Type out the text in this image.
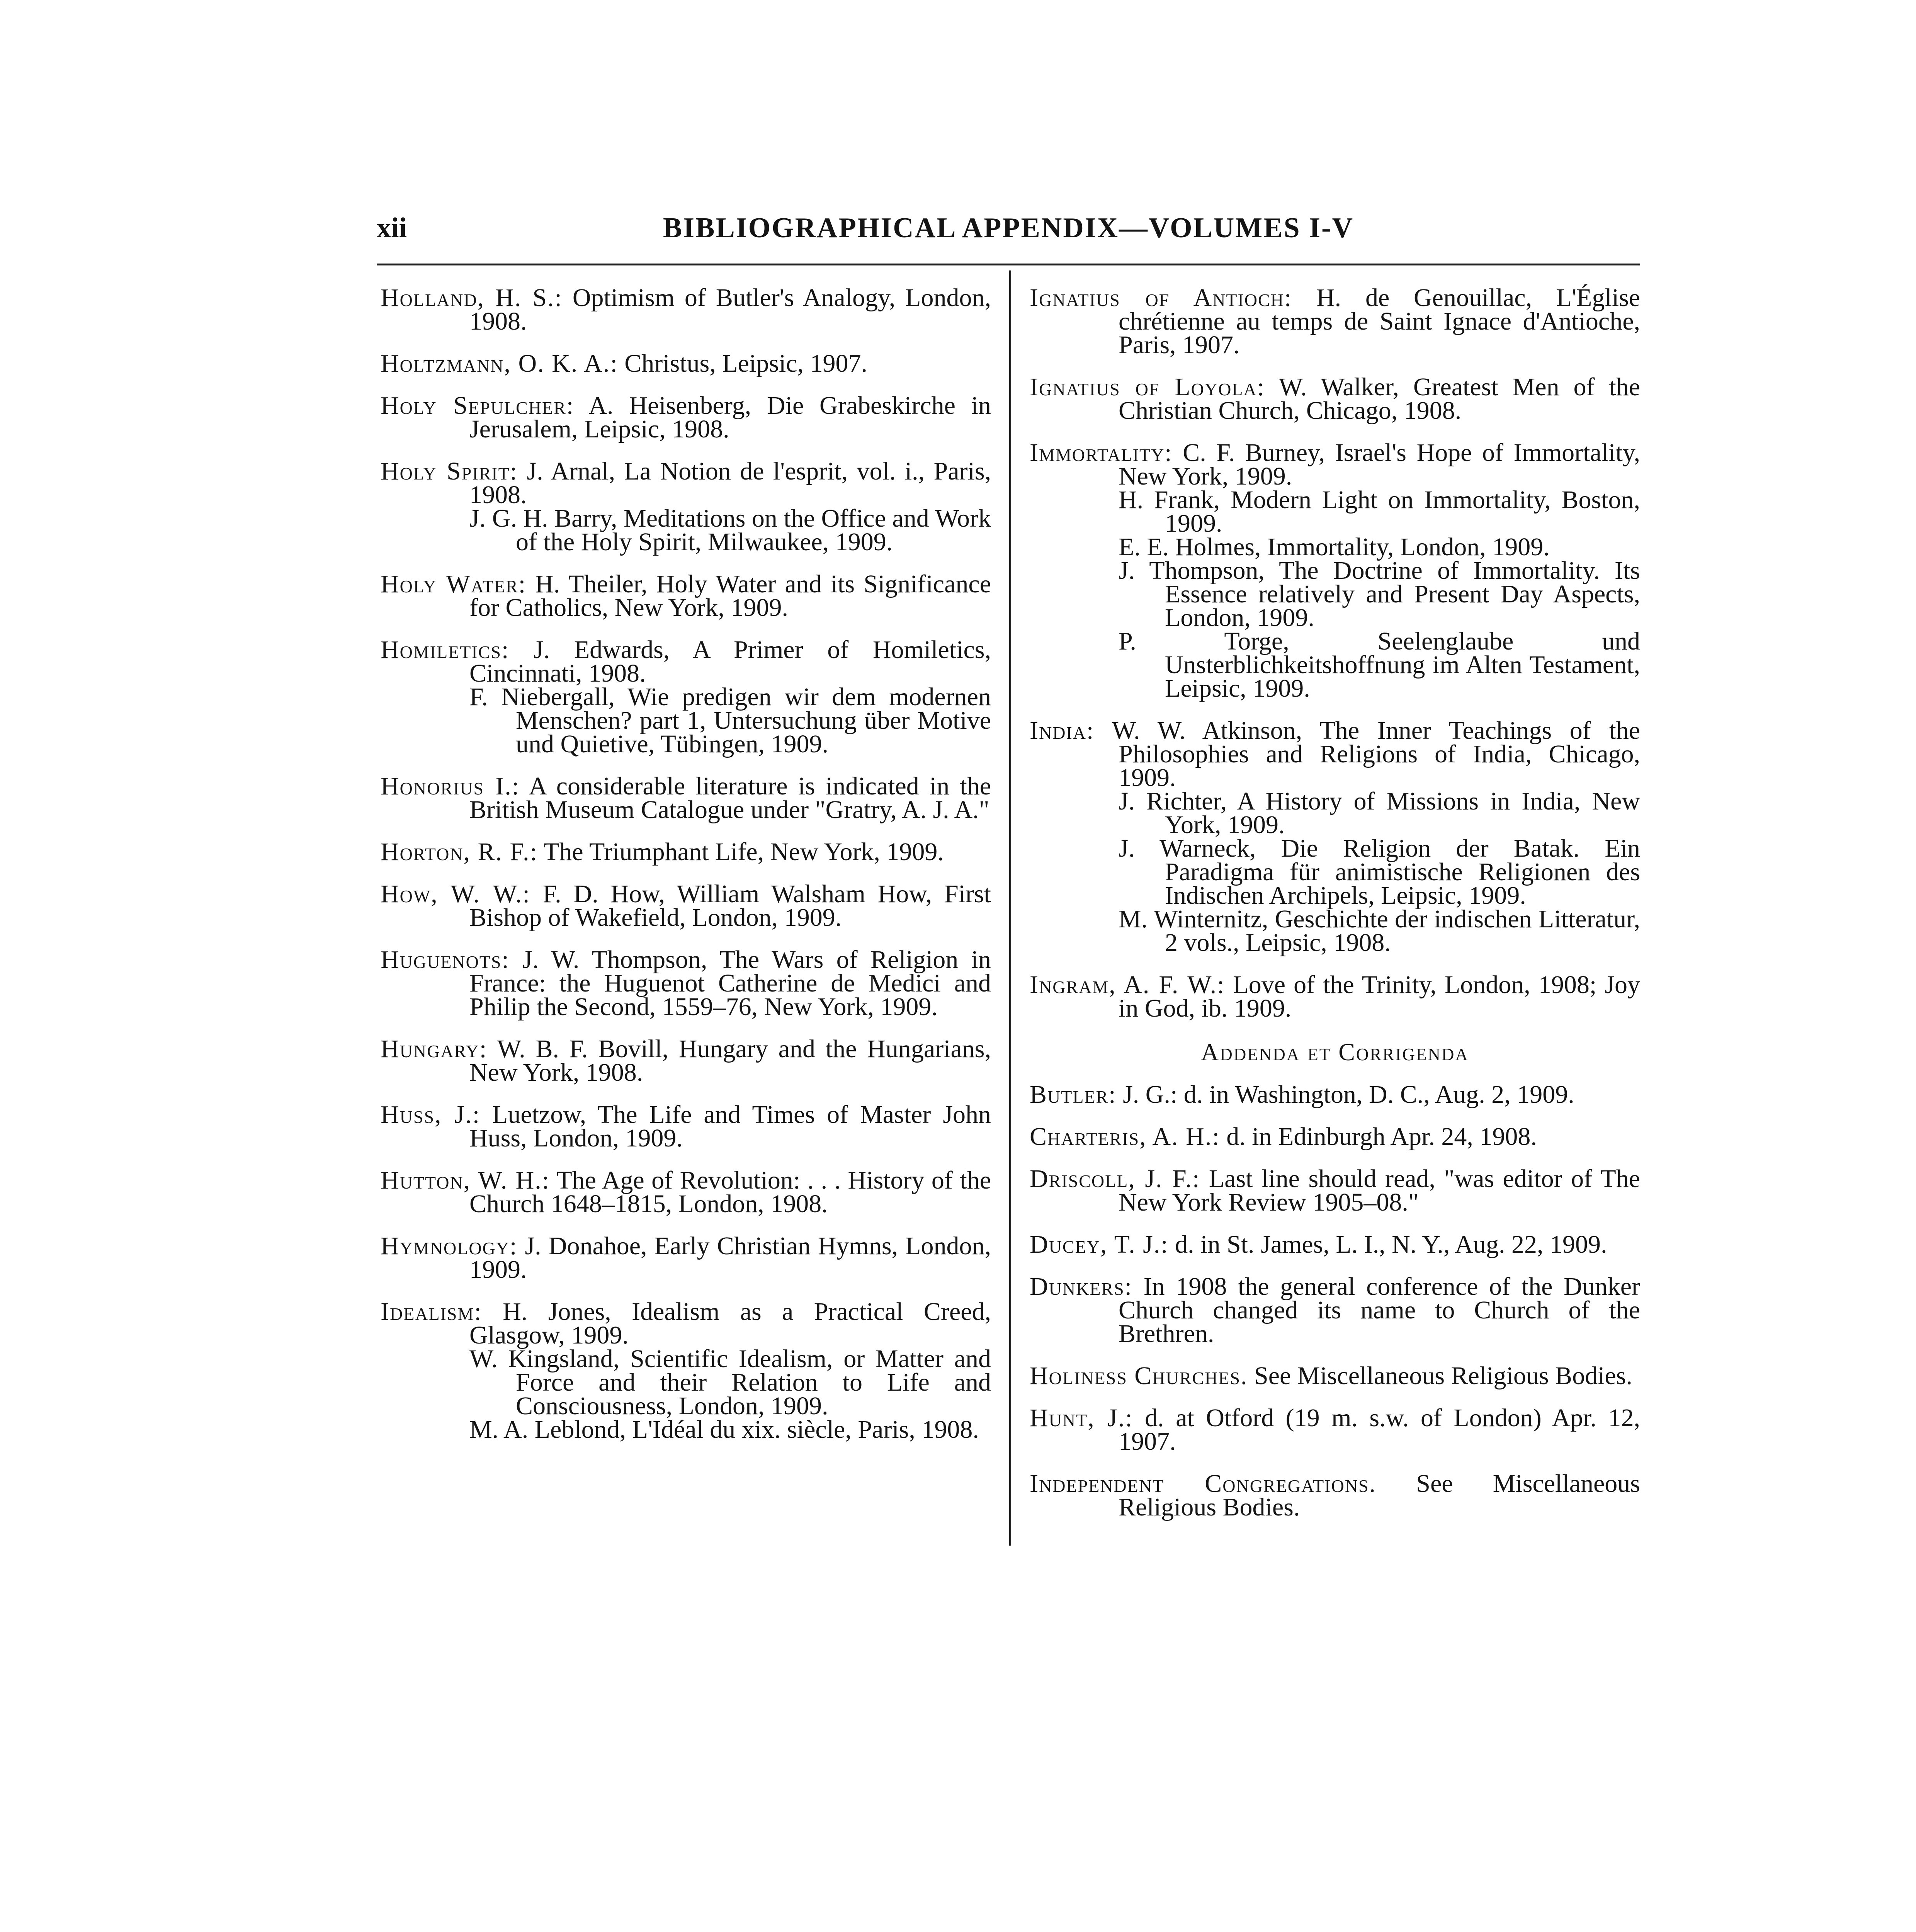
xii	BIBLIOGRAPHICAL APPENDIX—VOLUMES I-V

Holland, H. S.: Optimism of Butler's Analogy, London, 1908.

Holtzmann, O. K. A.: Christus, Leipsic, 1907.

Holy Sepulcher: A. Heisenberg, Die Grabeskirche in Jerusalem, Leipsic, 1908.

Holy Spirit: J. Arnal, La Notion de l'esprit, vol. i., Paris, 1908.
J. G. H. Barry, Meditations on the Office and Work of the Holy Spirit, Milwaukee, 1909.

Holy Water: H. Theiler, Holy Water and its Significance for Catholics, New York, 1909.

Homiletics: J. Edwards, A Primer of Homiletics, Cincinnati, 1908.
F. Niebergall, Wie predigen wir dem modernen Menschen? part 1, Untersuchung über Motive und Quietive, Tübingen, 1909.

Honorius I.: A considerable literature is indicated in the British Museum Catalogue under "Gratry, A. J. A."

Horton, R. F.: The Triumphant Life, New York, 1909.

How, W. W.: F. D. How, William Walsham How, First Bishop of Wakefield, London, 1909.

Huguenots: J. W. Thompson, The Wars of Religion in France: the Huguenot Catherine de Medici and Philip the Second, 1559–76, New York, 1909.

Hungary: W. B. F. Bovill, Hungary and the Hungarians, New York, 1908.

Huss, J.: Luetzow, The Life and Times of Master John Huss, London, 1909.

Hutton, W. H.: The Age of Revolution: . . . History of the Church 1648–1815, London, 1908.

Hymnology: J. Donahoe, Early Christian Hymns, London, 1909.

Idealism: H. Jones, Idealism as a Practical Creed, Glasgow, 1909.
W. Kingsland, Scientific Idealism, or Matter and Force and their Relation to Life and Consciousness, London, 1909.
M. A. Leblond, L'Idéal du xix. siècle, Paris, 1908.

Ignatius of Antioch: H. de Genouillac, L'Église chrétienne au temps de Saint Ignace d'Antioche, Paris, 1907.

Ignatius of Loyola: W. Walker, Greatest Men of the Christian Church, Chicago, 1908.

Immortality: C. F. Burney, Israel's Hope of Immortality, New York, 1909.
H. Frank, Modern Light on Immortality, Boston, 1909.
E. E. Holmes, Immortality, London, 1909.
J. Thompson, The Doctrine of Immortality. Its Essence relatively and Present Day Aspects, London, 1909.
P. Torge, Seelenglaube und Unsterblichkeitshoffnung im Alten Testament, Leipsic, 1909.

India: W. W. Atkinson, The Inner Teachings of the Philosophies and Religions of India, Chicago, 1909.
J. Richter, A History of Missions in India, New York, 1909.
J. Warneck, Die Religion der Batak. Ein Paradigma für animistische Religionen des Indischen Archipels, Leipsic, 1909.
M. Winternitz, Geschichte der indischen Litteratur, 2 vols., Leipsic, 1908.

Ingram, A. F. W.: Love of the Trinity, London, 1908; Joy in God, ib. 1909.

Addenda et Corrigenda

Butler: J. G.: d. in Washington, D. C., Aug. 2, 1909.

Charteris, A. H.: d. in Edinburgh Apr. 24, 1908.

Driscoll, J. F.: Last line should read, "was editor of The New York Review 1905–08."

Ducey, T. J.: d. in St. James, L. I., N. Y., Aug. 22, 1909.

Dunkers: In 1908 the general conference of the Dunker Church changed its name to Church of the Brethren.

Holiness Churches. See Miscellaneous Religious Bodies.

Hunt, J.: d. at Otford (19 m. s.w. of London) Apr. 12, 1907.

Independent Congregations. See Miscellaneous Religious Bodies.
